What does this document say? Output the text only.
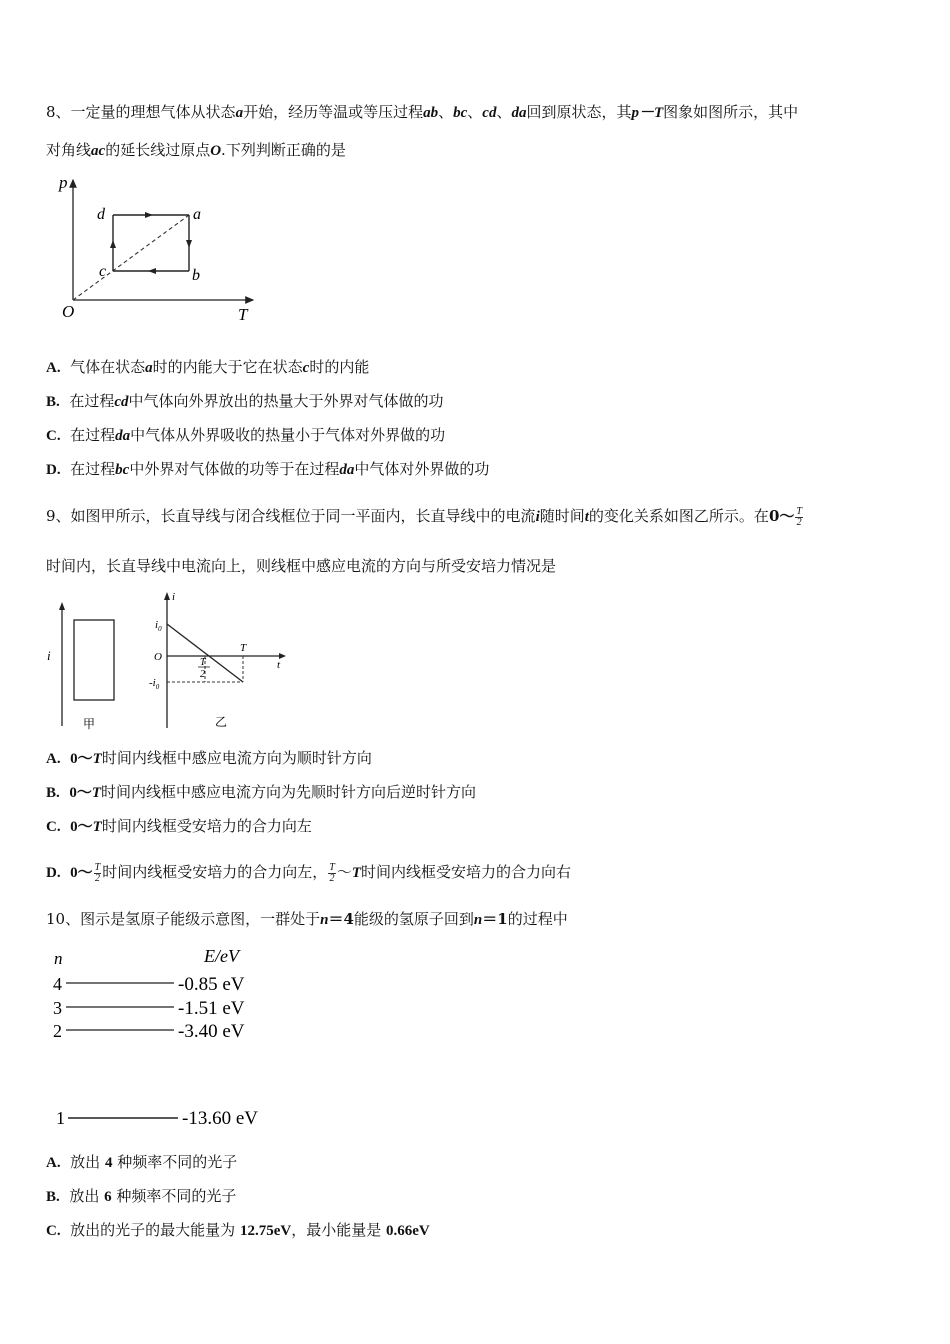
8、一定量的理想气体从状态a开始，经历等温或等压过程ab、bc、cd、da回到原状态，其p－T图象如图所示，其中
对角线ac的延长线过原点O.下列判断正确的是
p
T
O
d	a
c	b
A. 气体在状态a时的内能大于它在状态c时的内能
B. 在过程cd中气体向外界放出的热量大于外界对气体做的功
C. 在过程da中气体从外界吸收的热量小于气体对外界做的功
D. 在过程bc中外界对气体做的功等于在过程da中气体对外界做的功
9、如图甲所示，长直导线与闭合线框位于同一平面内，长直导线中的电流i随时间t的变化关系如图乙所示。在0～ $\frac{T}{2}$
时间内，长直导线中电流向上，则线框中感应电流的方向与所受安培力情况是
i
甲
i
t
O
$i_0$
$-i_0$
T
T
2
乙
A. 0～T时间内线框中感应电流方向为顺时针方向
B. 0～T时间内线框中感应电流方向为先顺时针方向后逆时针方向
C. 0～T时间内线框受安培力的合力向左
D. 0～ $\frac{T}{2}$ 时间内线框受安培力的合力向左， $\frac{T}{2}$ ～T时间内线框受安培力的合力向右
10、图示是氢原子能级示意图，一群处于n＝4能级的氢原子回到n＝1的过程中
n	E/eV
4	-0.85 eV
3	-1.51 eV
2	-3.40 eV
1	-13.60 eV
A. 放出 4 种频率不同的光子
B. 放出 6 种频率不同的光子
C. 放出的光子的最大能量为 12.75eV，最小能量是 0.66eV
